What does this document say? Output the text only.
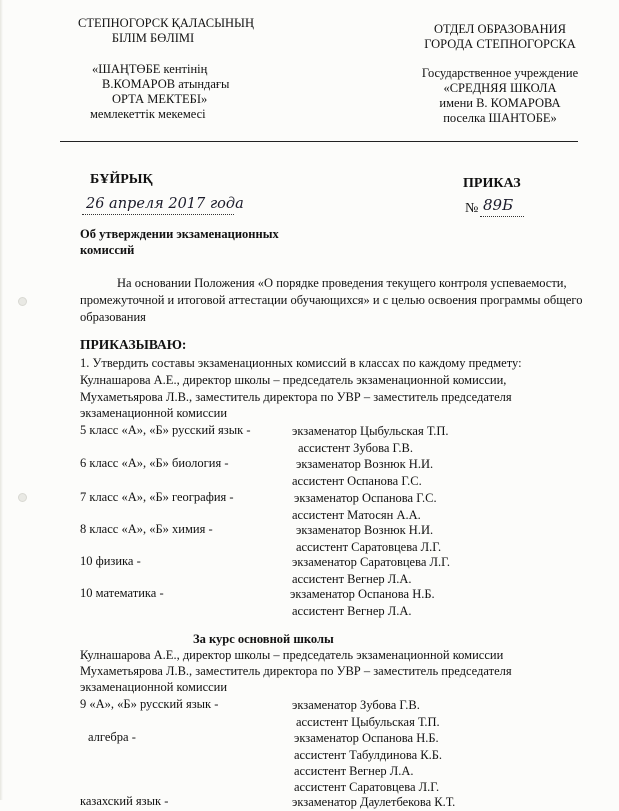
СТЕПНОГОРСК ҚАЛАСЫНЫҢ
БІЛІМ БӨЛІМІ
«ШАҢТӨБЕ кентінің
В.КОМАРОВ атындағы
ОРТА МЕКТЕБІ»
мемлекеттік мекемесі
ОТДЕЛ ОБРАЗОВАНИЯ
ГОРОДА СТЕПНОГОРСКА
Государственное учреждение
«СРЕДНЯЯ ШКОЛА
имени В. КОМАРОВА
поселка ШАНТОБЕ»
БҰЙРЫҚ	ПРИКАЗ
26 апреля 2017 года	№ 89Б
Об утверждении экзаменационных
комиссий
На основании Положения «О порядке проведения текущего контроля успеваемости,
промежуточной и итоговой аттестации обучающихся» и с целью освоения программы общего
образования
ПРИКАЗЫВАЮ:
1. Утвердить составы экзаменационных комиссий в классах по каждому предмету:
Кулнашарова А.Е., директор школы – председатель экзаменационной комиссии,
Мухаметьярова Л.В., заместитель директора по УВР – заместитель председателя
экзаменационной комиссии
5 класс «А», «Б» русский язык -	экзаменатор Цыбульская Т.П.
ассистент Зубова Г.В.
6 класс «А», «Б» биология -	экзаменатор Вознюк Н.И.
ассистент Оспанова Г.С.
7 класс «А», «Б» география -	экзаменатор Оспанова Г.С.
ассистент Матосян А.А.
8 класс «А», «Б» химия -	экзаменатор Вознюк Н.И.
ассистент Саратовцева Л.Г.
10 физика -	экзаменатор Саратовцева Л.Г.
ассистент Вегнер Л.А.
10 математика -	экзаменатор Оспанова Н.Б.
ассистент Вегнер Л.А.
За курс основной школы
Кулнашарова А.Е., директор школы – председатель экзаменационной комиссии
Мухаметьярова Л.В., заместитель директора по УВР – заместитель председателя
экзаменационной комиссии
9 «А», «Б» русский язык -	экзаменатор Зубова Г.В.
ассистент Цыбульская Т.П.
алгебра -	экзаменатор Оспанова Н.Б.
ассистент Табулдинова К.Б.
ассистент Вегнер Л.А.
ассистент Саратовцева Л.Г.
казахский язык -	экзаменатор Даулетбекова К.Т.
